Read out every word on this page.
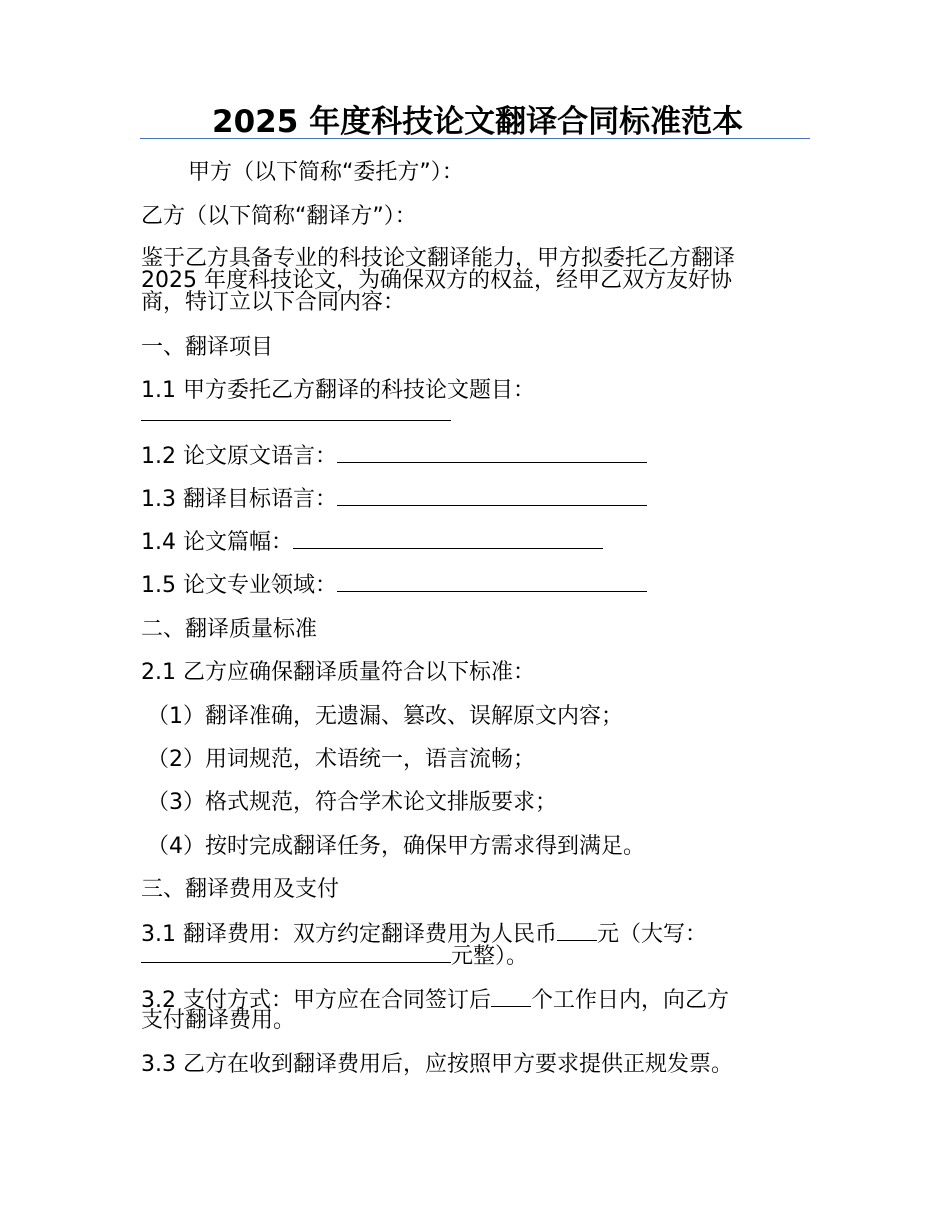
2025 年度科技论文翻译合同标准范本
甲方（以下简称“委托方”）：
乙方（以下简称“翻译方”）：
鉴于乙方具备专业的科技论文翻译能力，甲方拟委托乙方翻译
2025 年度科技论文，为确保双方的权益，经甲乙双方友好协
商，特订立以下合同内容：
一、翻译项目
1.1 甲方委托乙方翻译的科技论文题目：
1.2 论文原文语言：
1.3 翻译目标语言：
1.4 论文篇幅：
1.5 论文专业领域：
二、翻译质量标准
2.1 乙方应确保翻译质量符合以下标准：
（1）翻译准确，无遗漏、篡改、误解原文内容；
（2）用词规范，术语统一，语言流畅；
（3）格式规范，符合学术论文排版要求；
（4）按时完成翻译任务，确保甲方需求得到满足。
三、翻译费用及支付
3.1 翻译费用：双方约定翻译费用为人民币 元（大写：
元整）。
3.2 支付方式：甲方应在合同签订后 个工作日内，向乙方
支付翻译费用。
3.3 乙方在收到翻译费用后，应按照甲方要求提供正规发票。
